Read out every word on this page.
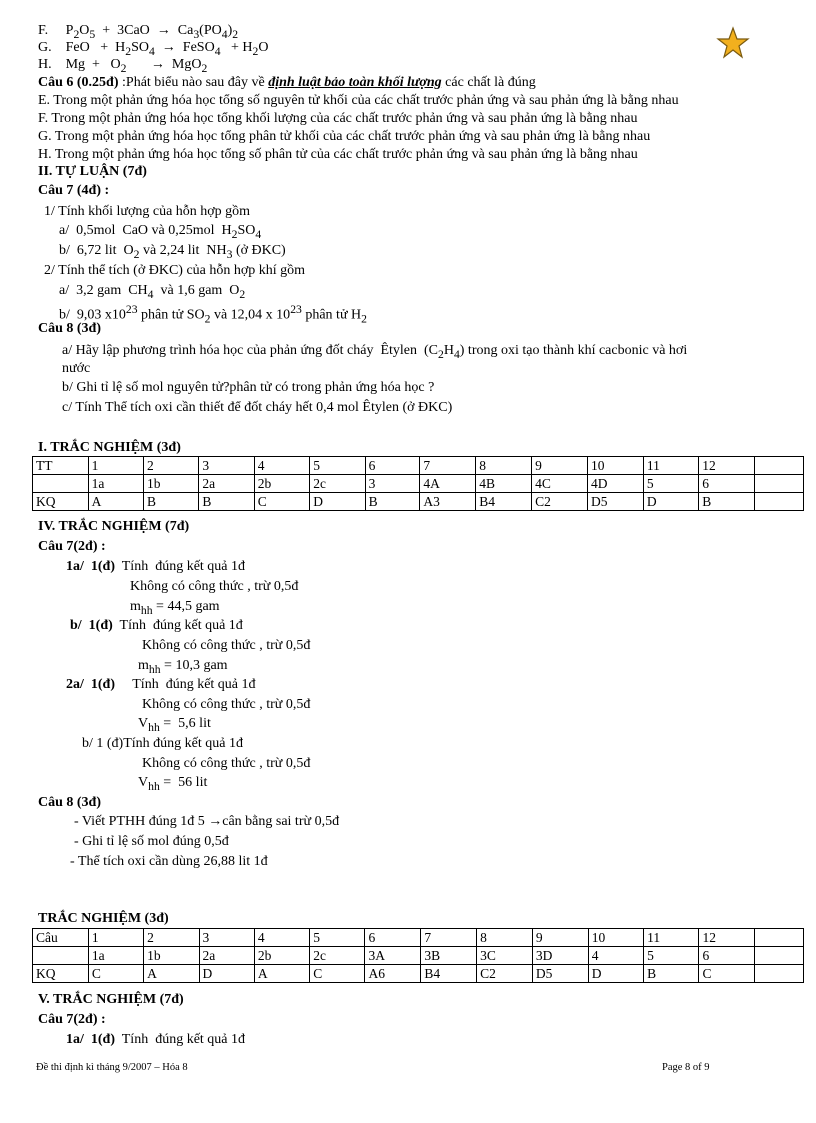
F.     $P_2O_5 + 3CaO \to Ca_3(PO_4)_2$
G.    FeO   +  $H_2SO_4$  →  FeSO$_4$   + $H_2O$
H.    $Mg + O_2$       →  MgO$_2$
Câu 6 (0.25đ) :Phát biểu nào sau đây về định luật bảo toàn khối lượng các chất là đúng
E. Trong một phản ứng hóa học tổng số nguyên tử khối của các chất trước phản ứng và sau phản ứng là bằng nhau
F. Trong một phản ứng hóa học tổng khối lượng của các chất trước phản ứng và sau phản ứng là bằng nhau
G. Trong một phản ứng hóa học tổng phân tử khối của các chất trước phản ứng và sau phản ứng là bằng nhau
H. Trong một phản ứng hóa học tổng số phân tử của các chất trước phản ứng và sau phản ứng là bằng nhau
II. TỰ LUẬN (7đ)
Câu 7 (4đ) :
1/ Tính khối lượng của hỗn hợp gồm
a/  0,5mol  CaO và 0,25mol  $H_2SO_4$
b/  6,72 lit  $O_2$ và 2,24 lit  $NH_3$ (ở ĐKC)
2/ Tính thể tích (ở ĐKC) của hỗn hợp khí gồm
a/  3,2 gam  $CH_4$  và 1,6 gam  $O_2$
b/  9,03 $x10^{23}$ phân tử $SO_2$ và 12,04 x $10^{23}$ phân tử $H_2$
Câu 8 (3đ)
a/ Hãy lập phương trình hóa học của phản ứng đốt cháy  Êtylen  $(C_2H_4)$ trong oxi tạo thành khí cacbonic và hơi
nước
b/ Ghi tỉ lệ số mol nguyên tử?phân tử có trong phản ứng hóa học ?
c/ Tính Thể tích oxi cần thiết để đốt cháy hết 0,4 mol Êtylen (ở ĐKC)
I. TRẮC NGHIỆM (3đ)
TT	1	2	3	4	5	6	7	8	9	10	11	12	
	1a	1b	2a	2b	2c	3	4A	4B	4C	4D	5	6	
KQ	A	B	B	C	D	B	A3	B4	C2	D5	D	B	
IV. TRẮC NGHIỆM (7đ)
Câu 7(2đ) :
1a/  1(đ)  Tính  đúng kết quả 1đ
Không có công thức , trừ 0,5đ
$m_{hh} = 44,5$ gam
b/  1(đ)  Tính  đúng kết quả 1đ
Không có công thức , trừ 0,5đ
$m_{hh} = 10,3$ gam
2a/  1(đ)     Tính  đúng kết quả 1đ
Không có công thức , trừ 0,5đ
$V_{hh} = 5,6$ lit
b/ 1 (đ)Tính đúng kết quả 1đ
Không có công thức , trừ 0,5đ
$V_{hh} = 56$ lit
Câu 8 (3đ)
- Viết PTHH đúng 1đ 5 →cân bằng sai trừ 0,5đ
- Ghi tỉ lệ số mol đúng 0,5đ
- Thể tích oxi cần dùng 26,88 lit 1đ
TRẮC NGHIỆM (3đ)
Câu	1	2	3	4	5	6	7	8	9	10	11	12	
	1a	1b	2a	2b	2c	3A	3B	3C	3D	4	5	6	
KQ	C	A	D	A	C	A6	B4	C2	D5	D	B	C	
V. TRẮC NGHIỆM (7đ)
Câu 7(2đ) :
1a/  1(đ)  Tính  đúng kết quả 1đ
Đề thi định kì tháng 9/2007 – Hóa 8	Page 8 of 9
